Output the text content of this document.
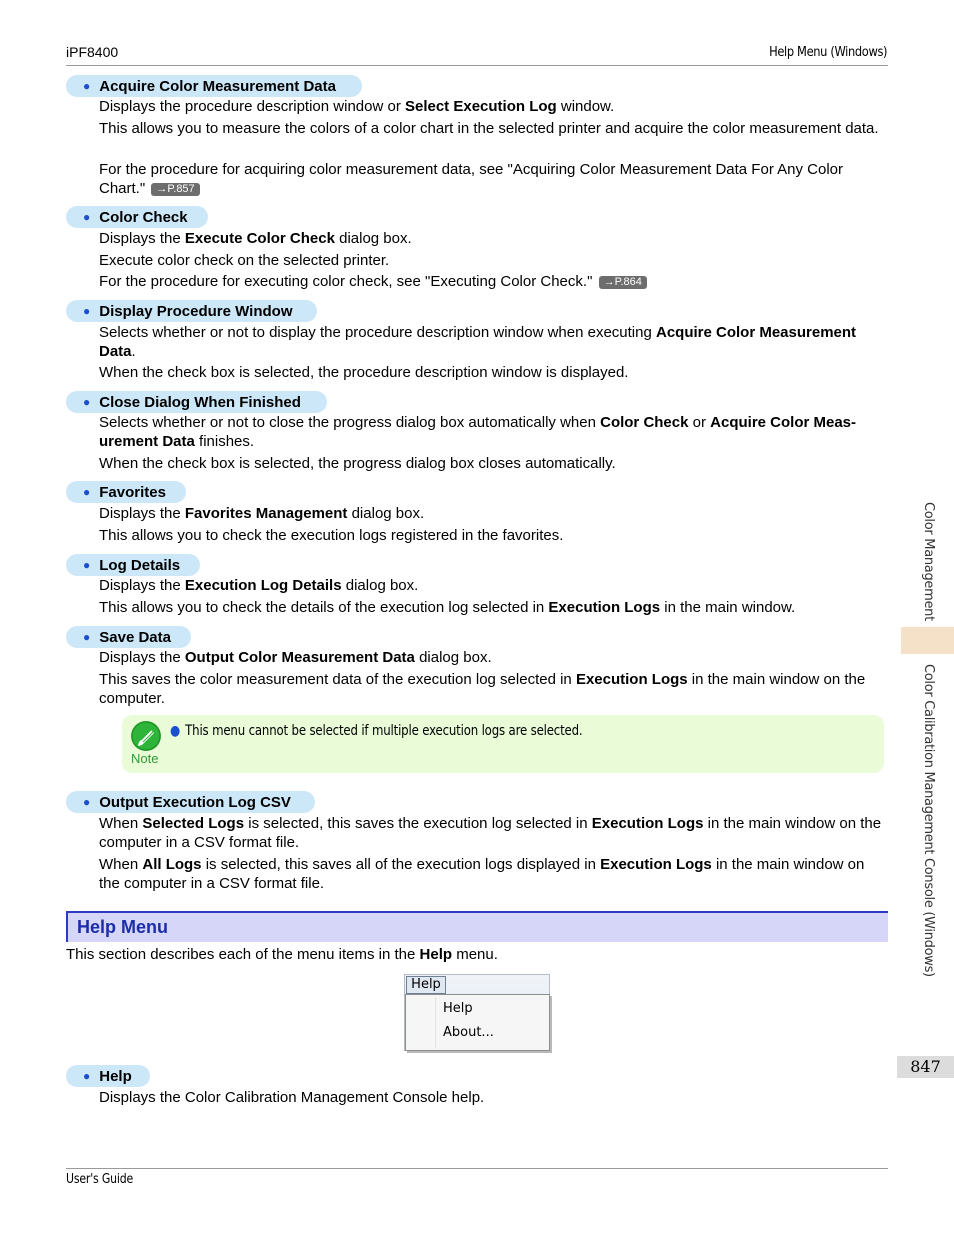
iPF8400	Help Menu (Windows)
● Acquire Color Measurement Data
Displays the procedure description window or Select Execution Log window.
This allows you to measure the colors of a color chart in the selected printer and acquire the color measurement data.
For the procedure for acquiring color measurement data, see "Acquiring Color Measurement Data For Any Color Chart." →P.857
● Color Check
Displays the Execute Color Check dialog box.
Execute color check on the selected printer.
For the procedure for executing color check, see "Executing Color Check." →P.864
● Display Procedure Window
Selects whether or not to display the procedure description window when executing Acquire Color Measurement Data.
When the check box is selected, the procedure description window is displayed.
● Close Dialog When Finished
Selects whether or not to close the progress dialog box automatically when Color Check or Acquire Color Meas-urement Data finishes.
When the check box is selected, the progress dialog box closes automatically.
● Favorites
Displays the Favorites Management dialog box.
This allows you to check the execution logs registered in the favorites.
● Log Details
Displays the Execution Log Details dialog box.
This allows you to check the details of the execution log selected in Execution Logs in the main window.
● Save Data
Displays the Output Color Measurement Data dialog box.
This saves the color measurement data of the execution log selected in Execution Logs in the main window on the computer.
Note
● This menu cannot be selected if multiple execution logs are selected.
● Output Execution Log CSV
When Selected Logs is selected, this saves the execution log selected in Execution Logs in the main window on the computer in a CSV format file.
When All Logs is selected, this saves all of the execution logs displayed in Execution Logs in the main window on the computer in a CSV format file.
Help Menu
This section describes each of the menu items in the Help menu.
Help
Help
About...
● Help
Displays the Color Calibration Management Console help.
Color Management
Color Calibration Management Console (Windows)
847
User's Guide
